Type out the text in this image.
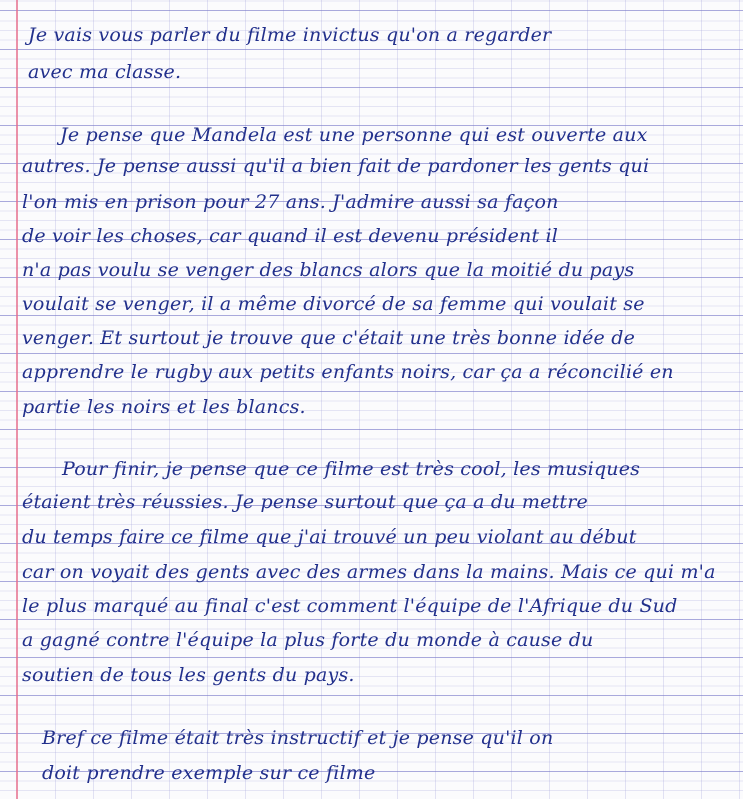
Je vais vous parler du filme invictus qu'on a regarder

avec ma classe.

Je pense que Mandela est une personne qui est ouverte aux

autres. Je pense aussi qu'il a bien fait de pardoner les gents qui

l'on mis en prison pour 27 ans. J'admire aussi sa façon

de voir les choses, car quand il est devenu président il

n'a pas voulu se venger des blancs alors que la moitié du pays

voulait se venger, il a même divorcé de sa femme qui voulait se

venger. Et surtout je trouve que c'était une très bonne idée de

apprendre le rugby aux petits enfants noirs, car ça a réconcilié en

partie les noirs et les blancs.

Pour finir, je pense que ce filme est très cool, les musiques

étaient très réussies. Je pense surtout que ça a du mettre

du temps faire ce filme que j'ai trouvé un peu violant au début

car on voyait des gents avec des armes dans la mains. Mais ce qui m'a

le plus marqué au final c'est comment l'équipe de l'Afrique du Sud

a gagné contre l'équipe la plus forte du monde à cause du

soutien de tous les gents du pays.

Bref ce filme était très instructif et je pense qu'il on

doit prendre exemple sur ce filme
